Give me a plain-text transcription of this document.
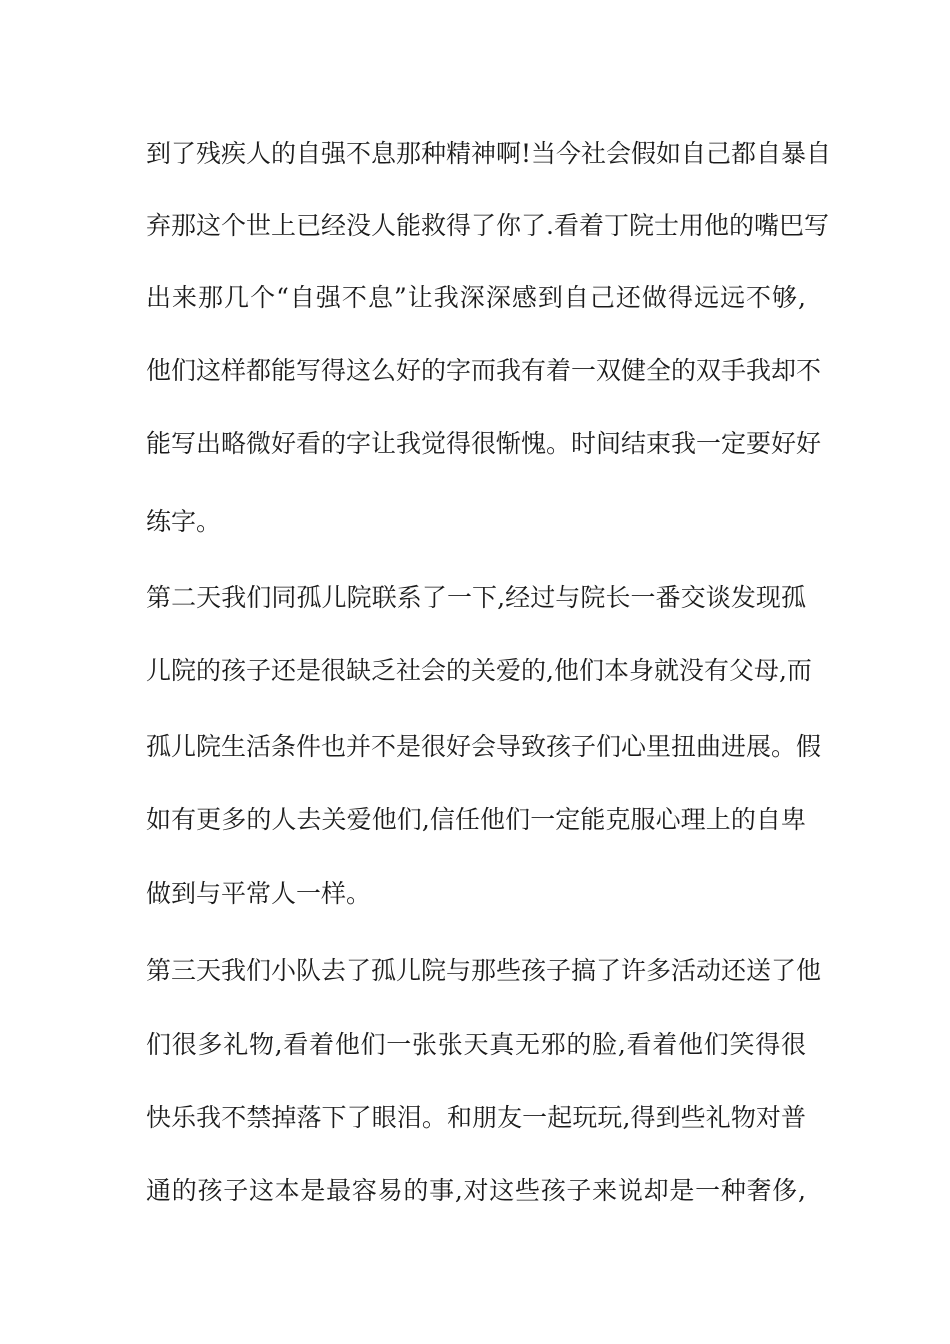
到了残疾人的自强不息那种精神啊!当今社会假如自己都自暴自
弃那这个世上已经没人能救得了你了.看着丁院士用他的嘴巴写
出来那几个“自强不息”让我深深感到自己还做得远远不够,
他们这样都能写得这么好的字而我有着一双健全的双手我却不
能写出略微好看的字让我觉得很惭愧。时间结束我一定要好好
练字。
第二天我们同孤儿院联系了一下,经过与院长一番交谈发现孤
儿院的孩子还是很缺乏社会的关爱的,他们本身就没有父母,而
孤儿院生活条件也并不是很好会导致孩子们心里扭曲进展。假
如有更多的人去关爱他们,信任他们一定能克服心理上的自卑
做到与平常人一样。
第三天我们小队去了孤儿院与那些孩子搞了许多活动还送了他
们很多礼物,看着他们一张张天真无邪的脸,看着他们笑得很
快乐我不禁掉落下了眼泪。和朋友一起玩玩,得到些礼物对普
通的孩子这本是最容易的事,对这些孩子来说却是一种奢侈,
